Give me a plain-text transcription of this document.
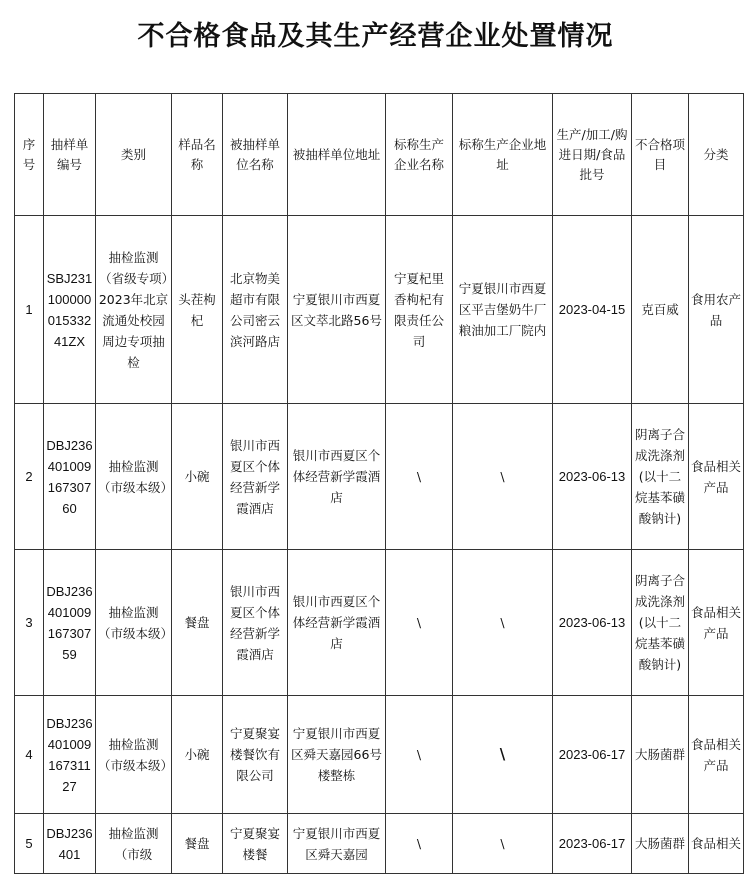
不合格食品及其生产经营企业处置情况
序号	抽样单编号	类别	样品名称	被抽样单位名称	被抽样单位地址	标称生产企业名称	标称生产企业地址	生产/加工/购进日期/食品批号	不合格项目	分类
1	SBJ23110000001533241ZX	抽检监测（省级专项）2023年北京流通处校园周边专项抽检	头茬枸杞	北京物美超市有限公司密云滨河路店	宁夏银川市西夏区文萃北路56号	宁夏杞里香枸杞有限责任公司	宁夏银川市西夏区平吉堡奶牛厂粮油加工厂院内	2023-04-15	克百威	食用农产品
2	DBJ23640100916730760	抽检监测（市级本级）	小碗	银川市西夏区个体经营新学霞酒店	银川市西夏区个体经营新学霞酒店	\	\	2023-06-13	阴离子合成洗涤剂(以十二烷基苯磺酸钠计)	食品相关产品
3	DBJ23640100916730759	抽检监测（市级本级）	餐盘	银川市西夏区个体经营新学霞酒店	银川市西夏区个体经营新学霞酒店	\	\	2023-06-13	阴离子合成洗涤剂(以十二烷基苯磺酸钠计)	食品相关产品
4	DBJ23640100916731127	抽检监测（市级本级）	小碗	宁夏聚宴楼餐饮有限公司	宁夏银川市西夏区舜天嘉园66号楼整栋	\	\	2023-06-17	大肠菌群	食品相关产品
5	DBJ236401	抽检监测（市级	餐盘	宁夏聚宴楼餐	宁夏银川市西夏区舜天嘉园	\	\	2023-06-17	大肠菌群	食品相关
